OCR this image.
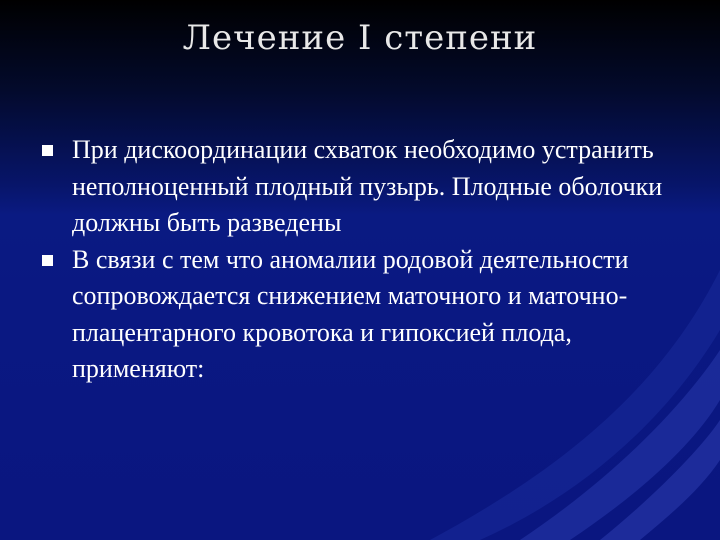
Лечение I степени
При дискоординации схваток необходимо устранить неполноценный плодный пузырь. Плодные оболочки должны быть разведены
В связи с тем что аномалии родовой деятельности сопровождается снижением маточного и маточно-плацентарного кровотока и гипоксией плода, применяют:
